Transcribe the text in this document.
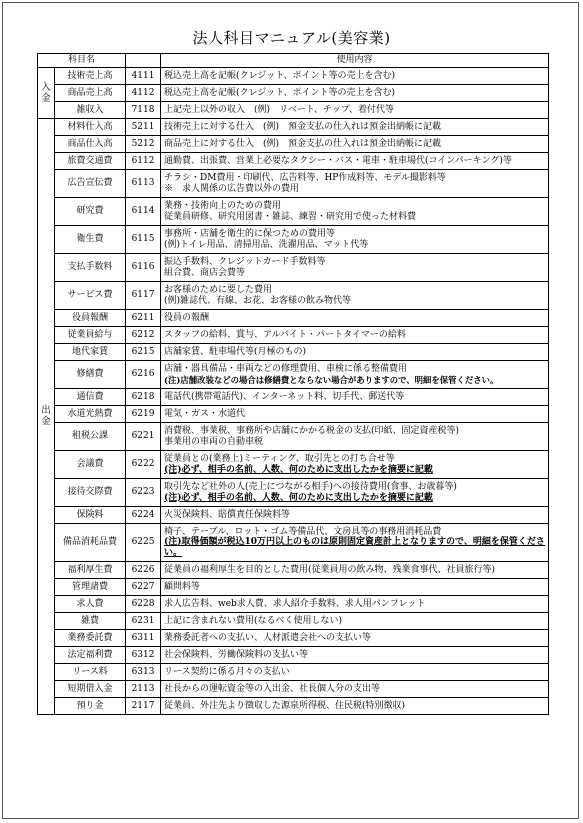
法人科目マニュアル(美容業)
科目名			使用内容
入金	技術売上高	4111	税込売上高を記帳(クレジット、ポイント等の売上を含む)

	商品売上高	4112	税込売上高を記帳(クレジット、ポイント等の売上を含む)

	雑収入	7118	上記売上以外の収入　(例)　リベート、チップ、着付代等

出金	材料仕入高	5211	技術売上に対する仕入　(例)　預金支払の仕入れは預金出納帳に記載

	商品仕入高	5212	商品売上に対する仕入　(例)　預金支払の仕入れは預金出納帳に記載

	旅費交通費	6112	通勤費、出張費、営業上必要なタクシー・バス・電車・駐車場代(コインパーキング)等

	広告宣伝費	6113	チラシ・DM費用・印刷代、広告料等、HP作成料等、モデル撮影料等
※　求人関係の広告費以外の費用

	研究費	6114	業務・技術向上のための費用
従業員研修、研究用図書・雑誌、練習・研究用で使った材料費

	衛生費	6115	事務所・店舗を衛生的に保つための費用等
(例)トイレ用品、清掃用品、洗濯用品、マット代等

	支払手数料	6116	振込手数料、クレジットカード手数料等
組合費、商店会費等

	サービス費	6117	お客様のために要した費用
(例)雑誌代、有線、お花、お客様の飲み物代等

	役員報酬	6211	役員の報酬

	従業員給与	6212	スタッフの給料、賞与、アルバイト・パートタイマーの給料

	地代家賃	6215	店舗家賃、駐車場代等(月極のもの)

	修繕費	6216	店舗・器具備品・車両などの修理費用、車検に係る整備費用
(注)店舗改装などの場合は修繕費とならない場合がありますので、明細を保管ください。

	通信費	6218	電話代(携帯電話代)、インターネット料、切手代、郵送代等

	水道光熱費	6219	電気・ガス・水道代

	租税公課	6221	消費税、事業税、事務所や店舗にかかる税金の支払(印紙、固定資産税等)
事業用の車両の自動車税

	会議費	6222	従業員との(業務上)ミーティング、取引先との打ち合せ等
(注)必ず、相手の名前、人数、何のために支出したかを摘要に記載

	接待交際費	6223	取引先など社外の人(売上につながる相手)への接待費用(食事、お歳暮等)
(注)必ず、相手の名前、人数、何のために支出したかを摘要に記載

	保険料	6224	火災保険料、賠償責任保険料等

	備品消耗品費	6225	椅子、テーブル、ロット・ゴム等備品代、文房具等の事務用消耗品費
(注)取得価額が税込10万円以上のものは原則固定資産計上となりますので、明細を保管ください。

	福利厚生費	6226	従業員の福利厚生を目的とした費用(従業員用の飲み物、残業食事代、社員旅行等)

	管理諸費	6227	顧問料等

	求人費	6228	求人広告料、web求人費、求人紹介手数料、求人用パンフレット

	雑費	6231	上記に含まれない費用(なるべく使用しない)

	業務委託費	6311	業務委託者への支払い、人材派遣会社への支払い等

	法定福利費	6312	社会保険料、労働保険料の支払い等

	リース料	6313	リース契約に係る月々の支払い

	短期借入金	2113	社長からの運転資金等の入出金、社長個人分の支出等

	預り金	2117	従業員、外注先より徴収した源泉所得税、住民税(特別徴収)
